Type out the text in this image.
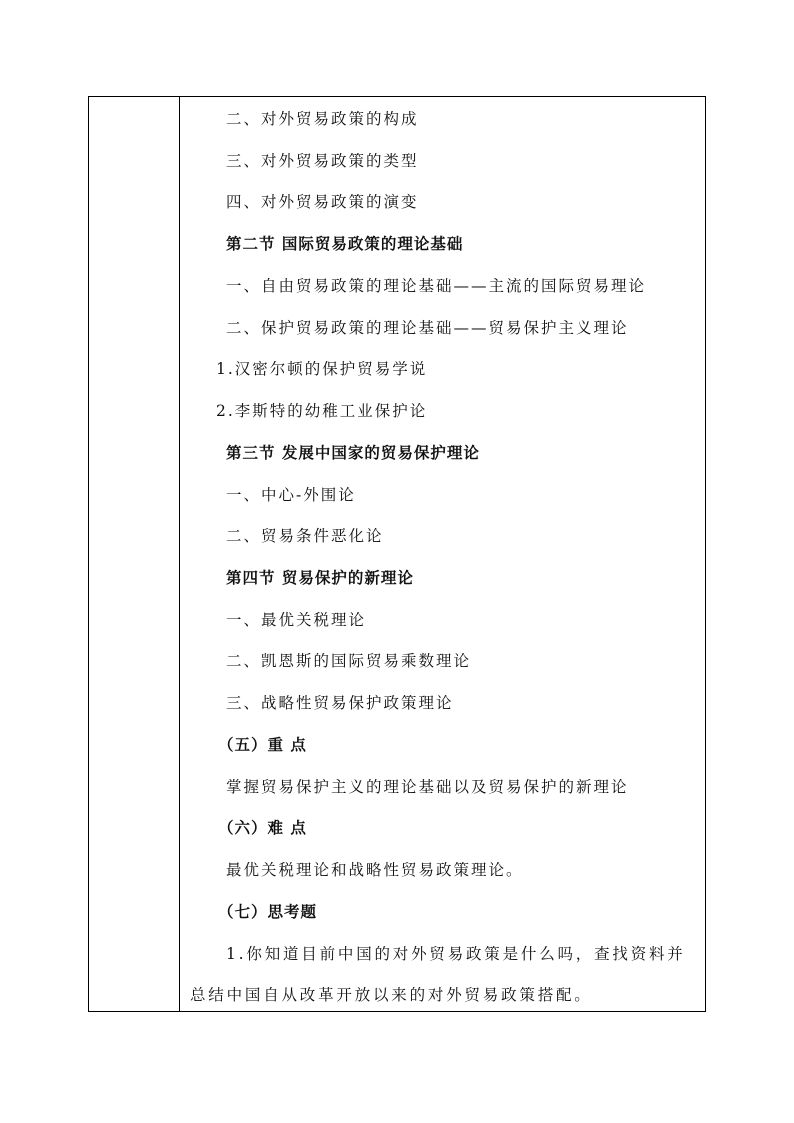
二、对外贸易政策的构成
三、对外贸易政策的类型
四、对外贸易政策的演变
第二节 国际贸易政策的理论基础
一、自由贸易政策的理论基础——主流的国际贸易理论
二、保护贸易政策的理论基础——贸易保护主义理论
1.汉密尔顿的保护贸易学说
2.李斯特的幼稚工业保护论
第三节 发展中国家的贸易保护理论
一、中心-外围论
二、贸易条件恶化论
第四节 贸易保护的新理论
一、最优关税理论
二、凯恩斯的国际贸易乘数理论
三、战略性贸易保护政策理论
（五）重 点
掌握贸易保护主义的理论基础以及贸易保护的新理论
（六）难 点
最优关税理论和战略性贸易政策理论。
（七）思考题
1.你知道目前中国的对外贸易政策是什么吗，查找资料并
总结中国自从改革开放以来的对外贸易政策搭配。
